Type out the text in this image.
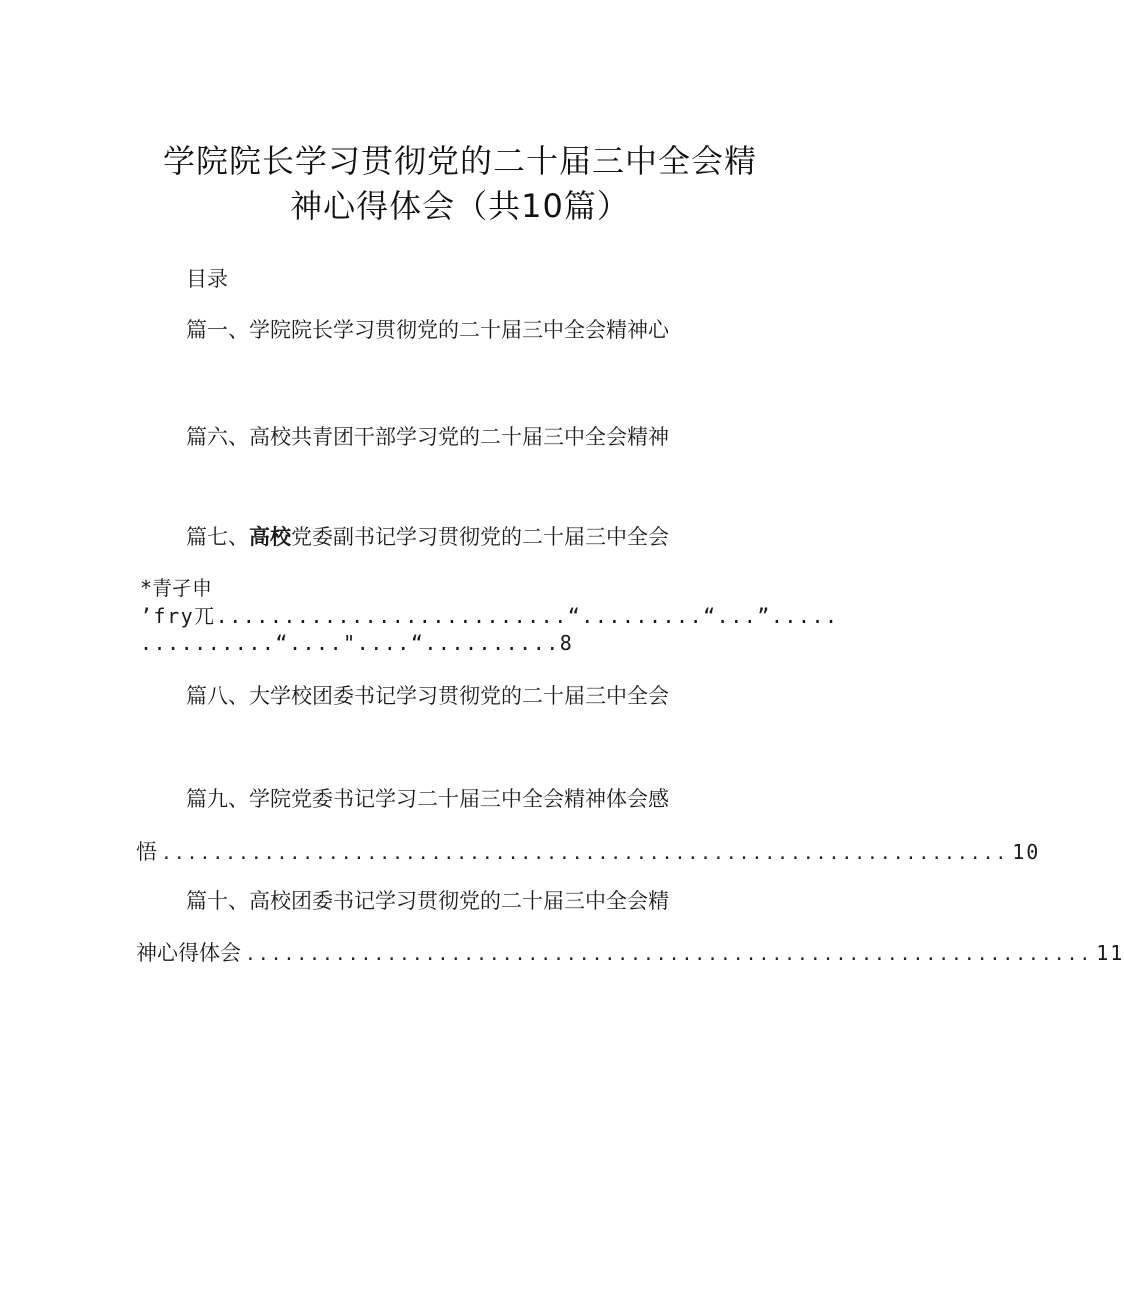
学院院长学习贯彻党的二十届三中全会精
神心得体会（共10篇）
目录
篇一、学院院长学习贯彻党的二十届三中全会精神心
篇六、高校共青团干部学习党的二十届三中全会精神
篇七、高校党委副书记学习贯彻党的二十届三中全会
*青孑申
’fry兀..........................“.........“...”.....
..........“...."....“..........8
篇八、大学校团委书记学习贯彻党的二十届三中全会
篇九、学院党委书记学习二十届三中全会精神体会感
悟 .................................................................. 10
篇十、高校团委书记学习贯彻党的二十届三中全会精
神心得体会 .................................................................. 11
